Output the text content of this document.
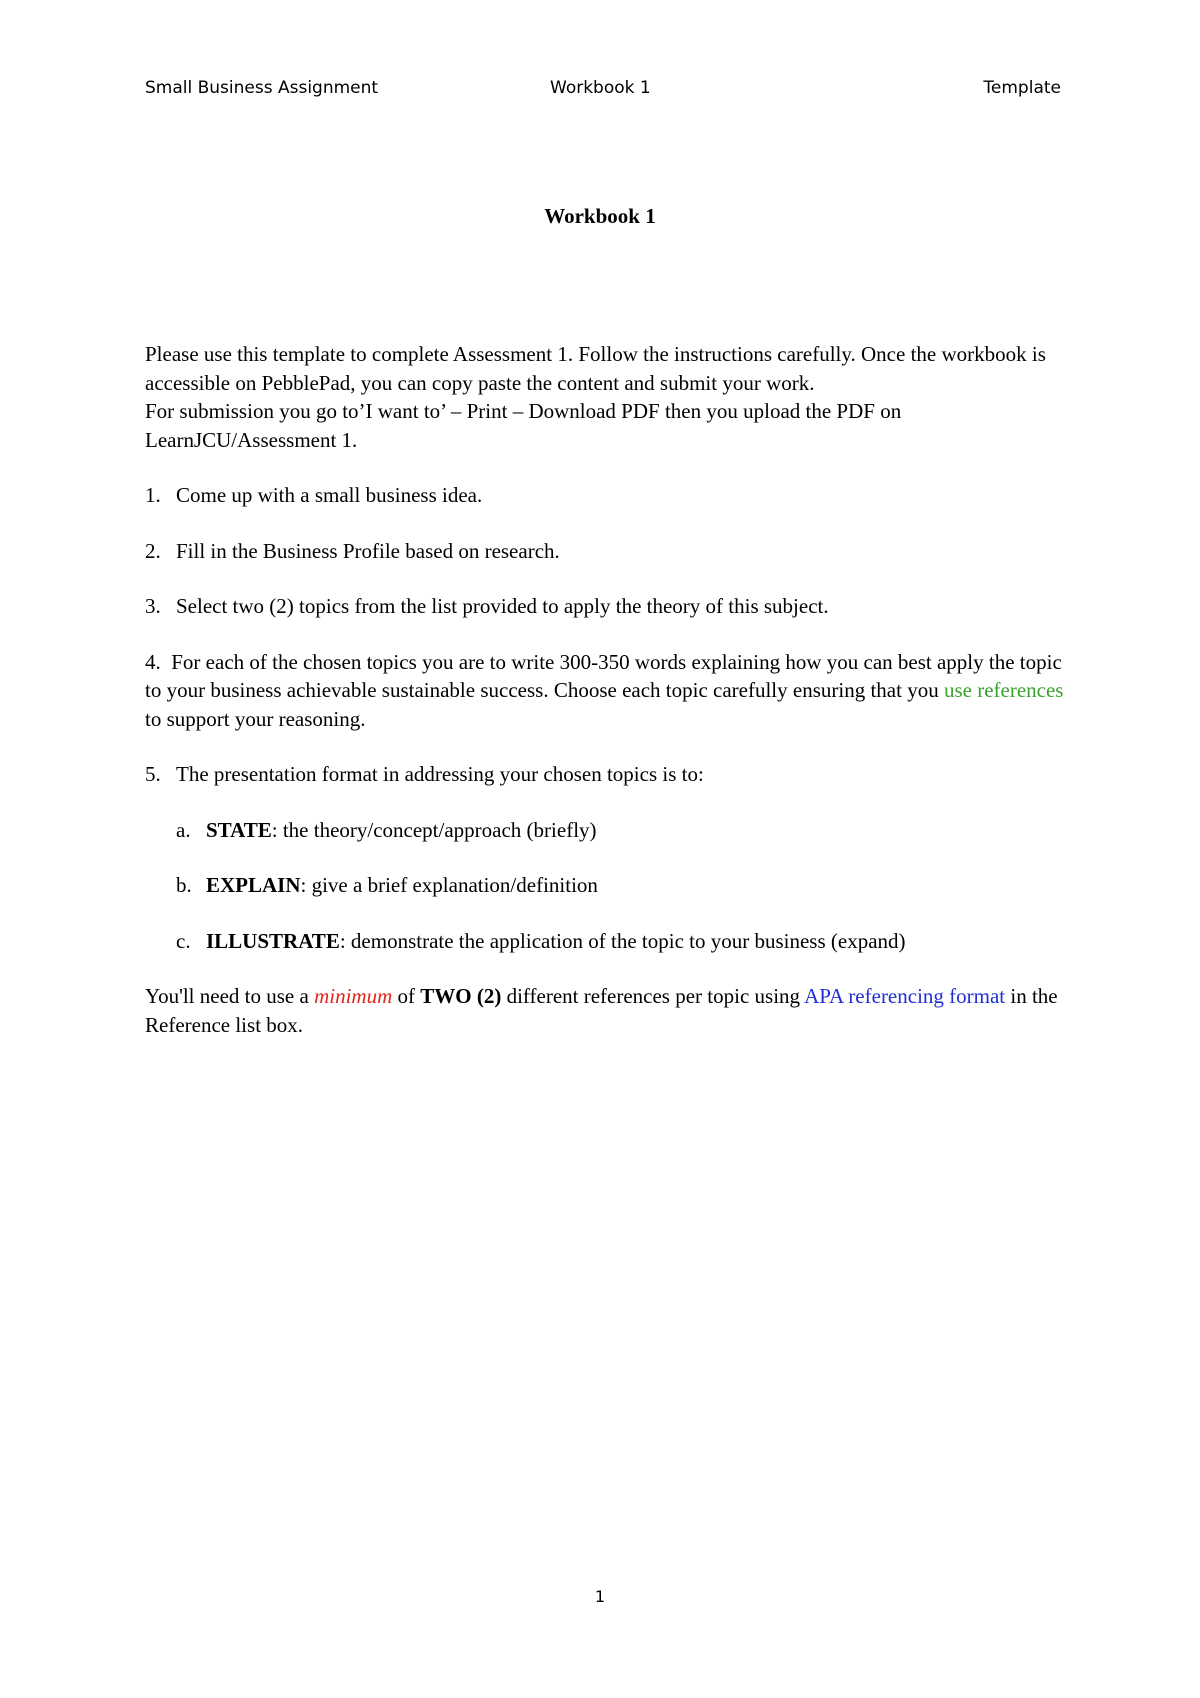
Small Business Assignment	Workbook 1	Template
Workbook 1

Please use this template to complete Assessment 1. Follow the instructions carefully. Once the workbook is accessible on PebblePad, you can copy paste the content and submit your work.

For submission you go to’I want to’ – Print – Download PDF then you upload the PDF on LearnJCU/Assessment 1.

1. Come up with a small business idea.
2. Fill in the Business Profile based on research.
3. Select two (2) topics from the list provided to apply the theory of this subject.
4. For each of the chosen topics you are to write 300-350 words explaining how you can best apply the topic to your business achievable sustainable success. Choose each topic carefully ensuring that you use references to support your reasoning.
5. The presentation format in addressing your chosen topics is to:
a. STATE: the theory/concept/approach (briefly)
b. EXPLAIN: give a brief explanation/definition
c. ILLUSTRATE: demonstrate the application of the topic to your business (expand)

You'll need to use a minimum of TWO (2) different references per topic using APA referencing format in the Reference list box.

1
